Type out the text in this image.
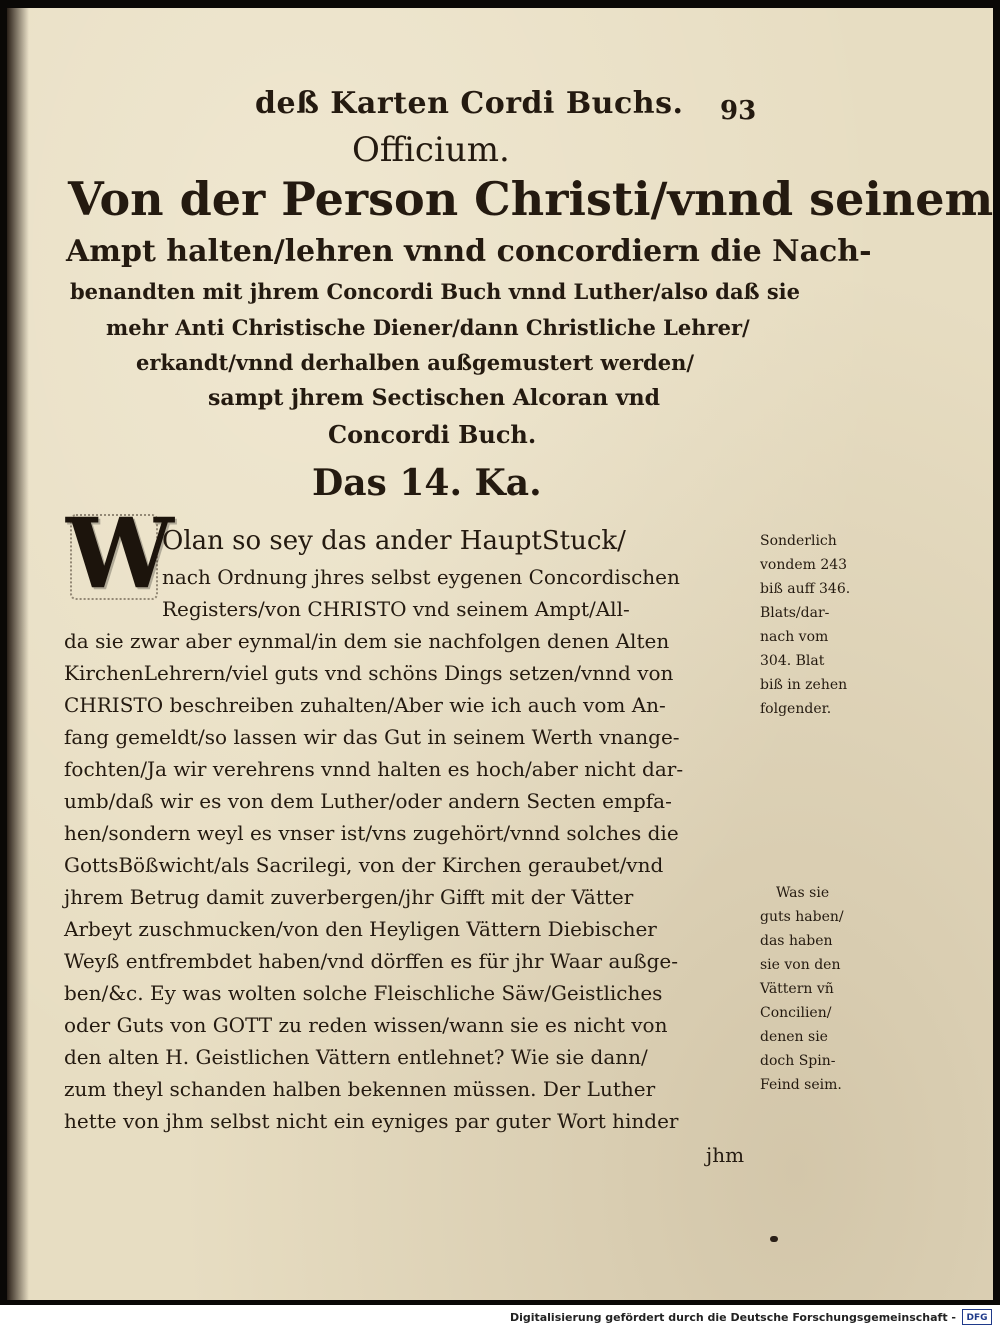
deß Karten Cordi Buchs. 93
Officium.
Von der Person Christi/vnnd seinem
Ampt halten/lehren vnnd concordiern die Nach-
benandten mit jhrem Concordi Buch vnnd Luther/also daß sie
mehr Anti Christische Diener/dann Christliche Lehrer/
erkandt/vnnd derhalben außgemustert werden/
sampt jhrem Sectischen Alcoran vnd
Concordi Buch.
Das 14. Ka.
W
Olan so sey das ander HauptStuck/
nach Ordnung jhres selbst eygenen Concordischen
Registers/von CHRISTO vnd seinem Ampt/All-
da sie zwar aber eynmal/in dem sie nachfolgen denen Alten
KirchenLehrern/viel guts vnd schöns Dings setzen/vnnd von
CHRISTO beschreiben zuhalten/Aber wie ich auch vom An-
fang gemeldt/so lassen wir das Gut in seinem Werth vnange-
fochten/Ja wir verehrens vnnd halten es hoch/aber nicht dar-
umb/daß wir es von dem Luther/oder andern Secten empfa-
hen/sondern weyl es vnser ist/vns zugehört/vnnd solches die
GottsBößwicht/als Sacrilegi, von der Kirchen geraubet/vnd
jhrem Betrug damit zuverbergen/jhr Gifft mit der Vätter
Arbeyt zuschmucken/von den Heyligen Vättern Diebischer
Weyß entfrembdet haben/vnd dörffen es für jhr Waar außge-
ben/&c. Ey was wolten solche Fleischliche Säw/Geistliches
oder Guts von GOTT zu reden wissen/wann sie es nicht von
den alten H. Geistlichen Vättern entlehnet? Wie sie dann/
zum theyl schanden halben bekennen müssen. Der Luther
hette von jhm selbst nicht ein eyniges par guter Wort hinder
jhm
Sonderlich
vondem 243
biß auff 346.
Blats/dar-
nach vom
304. Blat
biß in zehen
folgender.
Was sie
guts haben/
das haben
sie von den
Vättern vñ
Concilien/
denen sie
doch Spin-
Feind seim.
Digitalisierung gefördert durch die Deutsche Forschungsgemeinschaft -	DFG
